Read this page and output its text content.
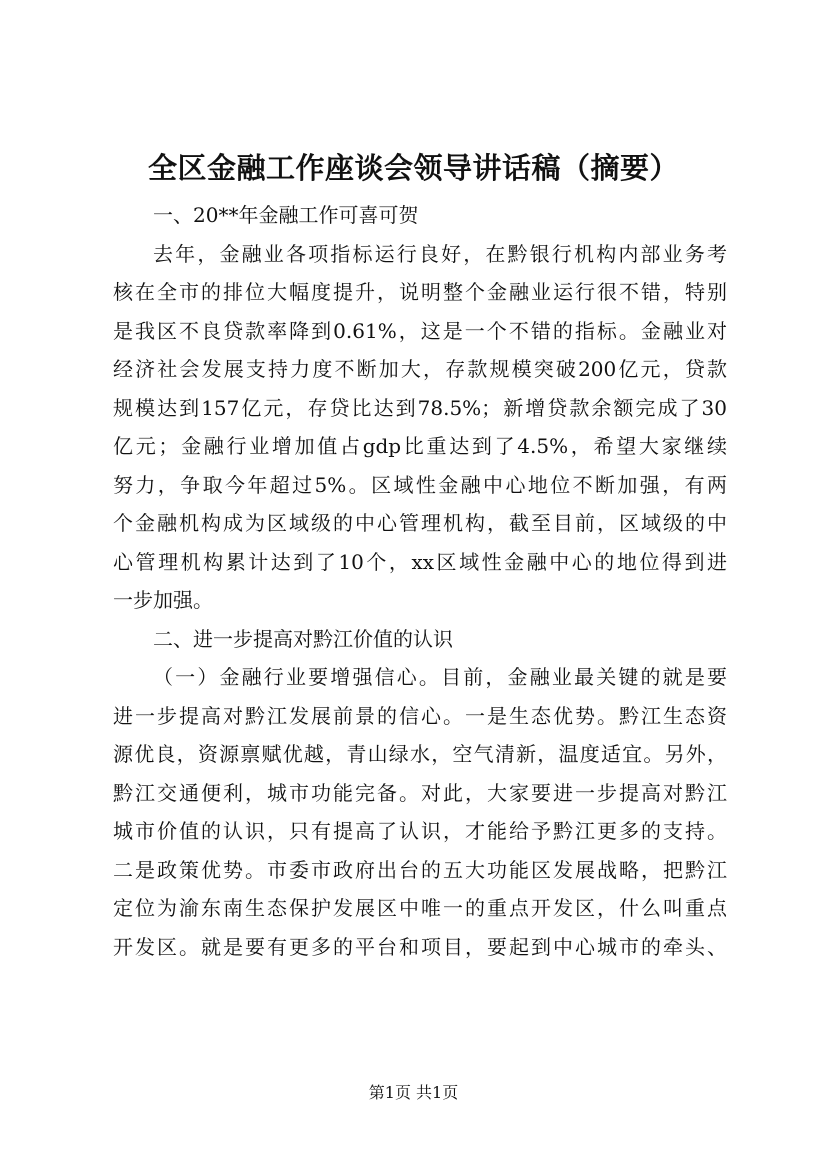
全区金融工作座谈会领导讲话稿（摘要）
一、20**年金融工作可喜可贺
去年，金融业各项指标运行良好，在黔银行机构内部业务考
核在全市的排位大幅度提升，说明整个金融业运行很不错，特别
是我区不良贷款率降到0.61%，这是一个不错的指标。金融业对
经济社会发展支持力度不断加大，存款规模突破200亿元，贷款
规模达到157亿元，存贷比达到78.5%；新增贷款余额完成了30
亿元；金融行业增加值占gdp比重达到了4.5%，希望大家继续
努力，争取今年超过5%。区域性金融中心地位不断加强，有两
个金融机构成为区域级的中心管理机构，截至目前，区域级的中
心管理机构累计达到了10个，xx区域性金融中心的地位得到进
一步加强。
二、进一步提高对黔江价值的认识
（一）金融行业要增强信心。目前，金融业最关键的就是要
进一步提高对黔江发展前景的信心。一是生态优势。黔江生态资
源优良，资源禀赋优越，青山绿水，空气清新，温度适宜。另外，
黔江交通便利，城市功能完备。对此，大家要进一步提高对黔江
城市价值的认识，只有提高了认识，才能给予黔江更多的支持。
二是政策优势。市委市政府出台的五大功能区发展战略，把黔江
定位为渝东南生态保护发展区中唯一的重点开发区，什么叫重点
开发区。就是要有更多的平台和项目，要起到中心城市的牵头、
第1页 共1页
